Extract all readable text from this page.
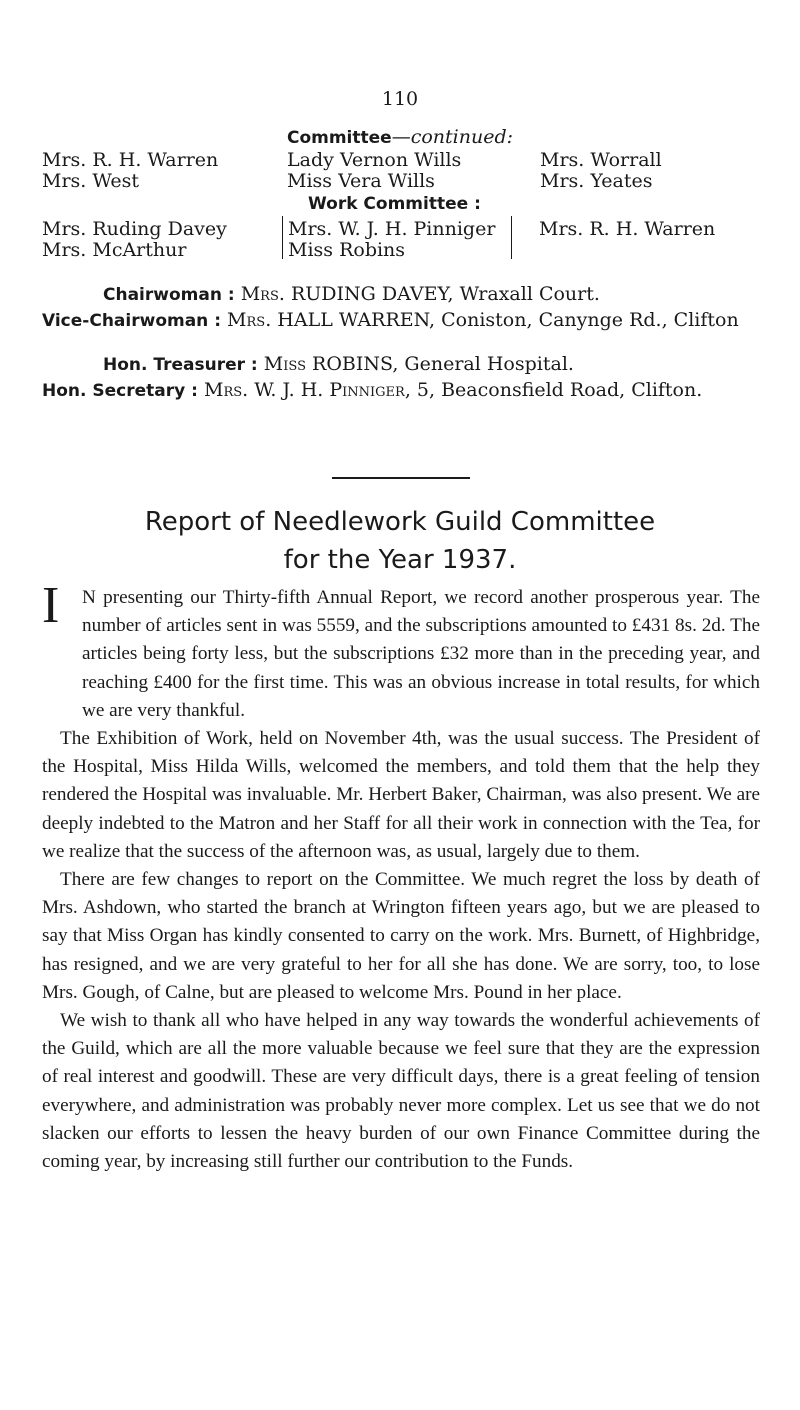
110
Committee—continued:
Mrs. R. H. Warren
Mrs. West
Lady Vernon Wills
Miss Vera Wills
Mrs. Worrall
Mrs. Yeates
Work Committee :
Mrs. Ruding Davey
Mrs. McArthur
Mrs. W. J. H. Pinniger
Miss Robins
Mrs. R. H. Warren
Chairwoman : Mrs. RUDING DAVEY, Wraxall Court.
Vice-Chairwoman : Mrs. HALL WARREN, Coniston, Canynge Rd., Clifton
Hon. Treasurer : Miss ROBINS, General Hospital.
Hon. Secretary : Mrs. W. J. H. Pinniger, 5, Beaconsfield Road, Clifton.
Report of Needlework Guild Committee
for the Year 1937.
I	N presenting our Thirty-fifth Annual Report, we record another prosperous year. The number of articles sent in was 5559, and the subscriptions amounted to £431 8s. 2d. The articles being forty less, but the subscriptions £32 more than in the preceding year, and reaching £400 for the first time. This was an obvious increase in total results, for which we are very thankful.

The Exhibition of Work, held on November 4th, was the usual success. The President of the Hospital, Miss Hilda Wills, welcomed the members, and told them that the help they rendered the Hospital was invaluable. Mr. Herbert Baker, Chairman, was also present. We are deeply indebted to the Matron and her Staff for all their work in connection with the Tea, for we realize that the success of the afternoon was, as usual, largely due to them.

There are few changes to report on the Committee. We much regret the loss by death of Mrs. Ashdown, who started the branch at Wrington fifteen years ago, but we are pleased to say that Miss Organ has kindly consented to carry on the work. Mrs. Burnett, of Highbridge, has resigned, and we are very grateful to her for all she has done. We are sorry, too, to lose Mrs. Gough, of Calne, but are pleased to welcome Mrs. Pound in her place.

We wish to thank all who have helped in any way towards the wonderful achievements of the Guild, which are all the more valuable because we feel sure that they are the expression of real interest and goodwill. These are very difficult days, there is a great feeling of tension everywhere, and administration was probably never more complex. Let us see that we do not slacken our efforts to lessen the heavy burden of our own Finance Committee during the coming year, by increasing still further our contribution to the Funds.
